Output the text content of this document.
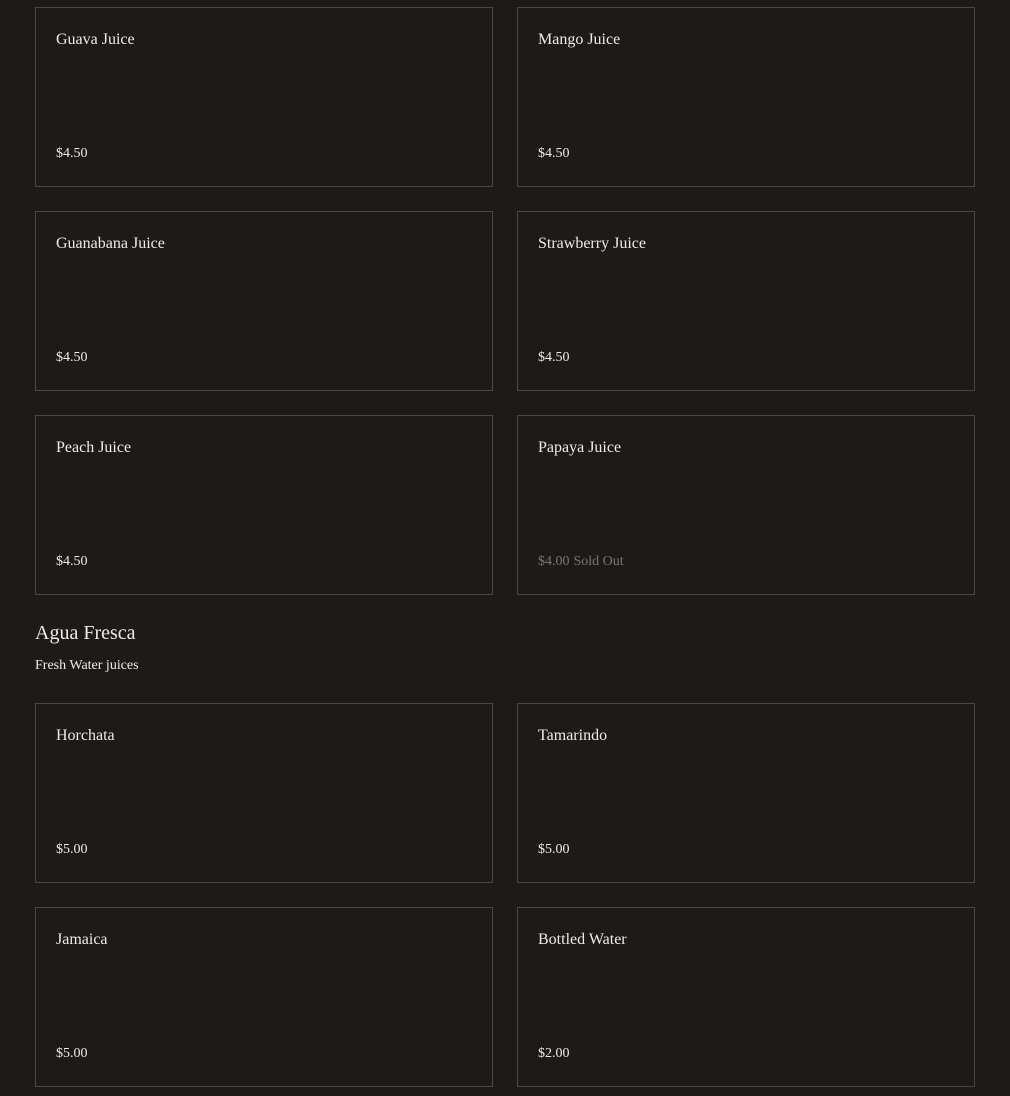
Guava Juice
$4.50
Mango Juice
$4.50
Guanabana Juice
$4.50
Strawberry Juice
$4.50
Peach Juice
$4.50
Papaya Juice
$4.00 Sold Out
Agua Fresca
Fresh Water juices
Horchata
$5.00
Tamarindo
$5.00
Jamaica
$5.00
Bottled Water
$2.00
